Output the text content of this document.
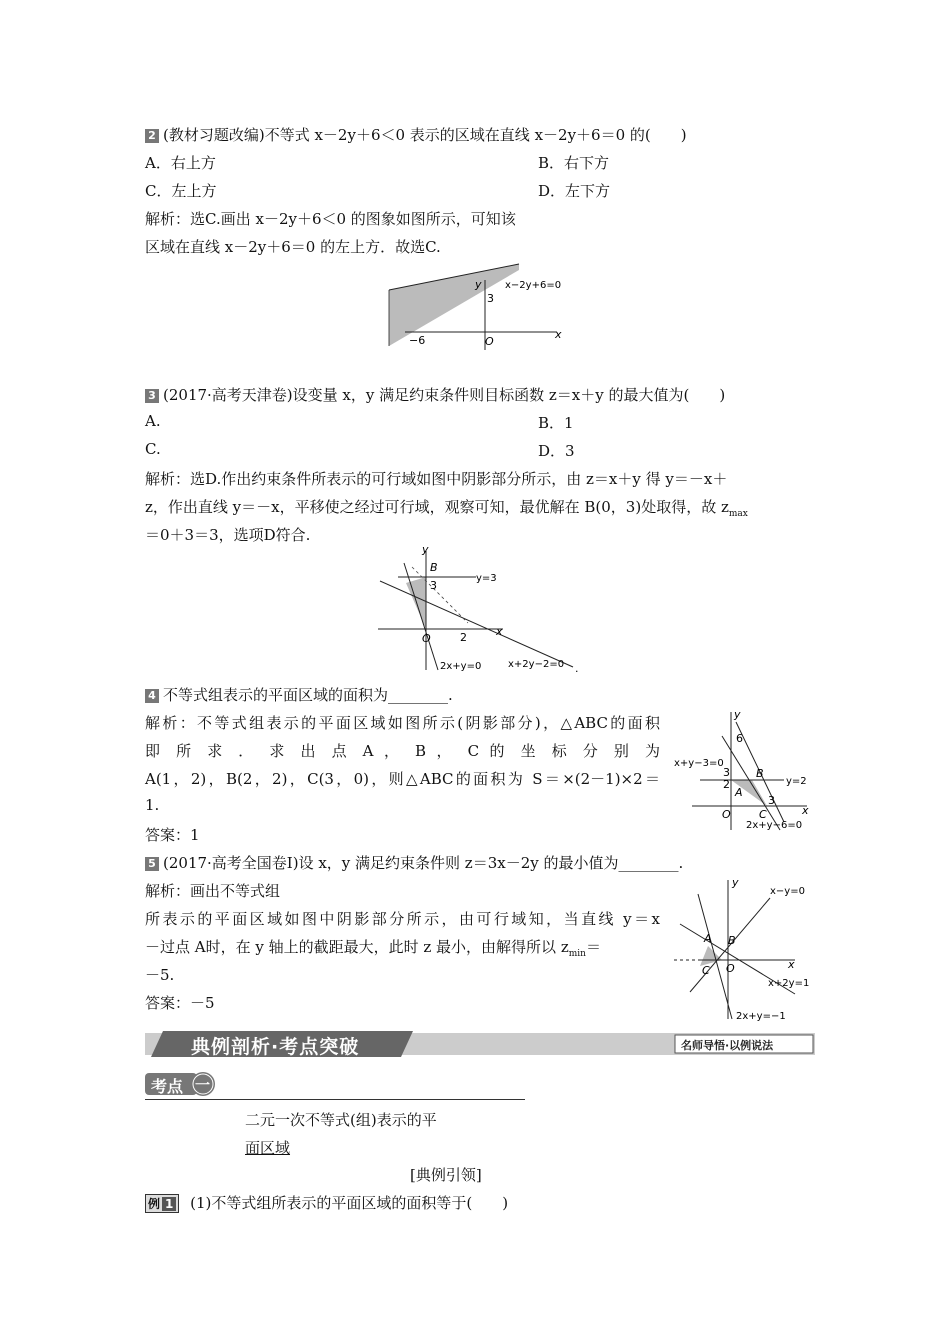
2 (教材习题改编)不等式 x－2y＋6＜0 表示的区域在直线 x－2y＋6＝0 的(　　)
A．右上方	B．右下方
C．左上方	D．左下方
解析：选C.画出 x－2y＋6＜0 的图象如图所示，可知该
区域在直线 x－2y＋6＝0 的左上方．故选C.
y
x
O
3
−6
x−2y+6=0
3 (2017·高考天津卷)设变量 x，y 满足约束条件则目标函数 z＝x＋y 的最大值为(　　)
A.	B．1
C.	D．3
解析：选D.作出约束条件所表示的可行域如图中阴影部分所示，由 z＝x＋y 得 y＝－x＋
z，作出直线 y＝－x，平移使之经过可行域，观察可知，最优解在 B(0，3)处取得，故 $z_{max}$
＝0＋3＝3，选项D符合.
y
x
O
B
3
2
y=3
2x+y=0	x+2y−2=0 .
4 不等式组表示的平面区域的面积为________.
解析：不等式组表示的平面区域如图所示(阴影部分)，△ABC的面积
即 所 求 ． 求 出 点 A ， B ， C 的 坐 标 分 别 为
A(1，2)，B(2，2)，C(3，0)，则△ABC的面积为 S＝×(2－1)×2＝
1.
答案：1
y
x
O
6
3
2
A
B
C
3
x+y−3=0
y=2
2x+y−6=0
5 (2017·高考全国卷Ⅰ)设 x，y 满足约束条件则 z＝3x－2y 的最小值为________.
解析：画出不等式组
所表示的平面区域如图中阴影部分所示，由可行域知，当直线 y＝x
－过点 A时，在 y 轴上的截距最大，此时 z 最小，由解得所以 $z_{min}=$
－5.
答案：－5
y
x
O
A B
C
x−y=0
x+2y=1
2x+y=−1
典例剖析·考点突破	名师导悟·以例说法
考点 一
二元一次不等式(组)表示的平
面区域
[典例引领]
例 1 (1)不等式组所表示的平面区域的面积等于(　　)
